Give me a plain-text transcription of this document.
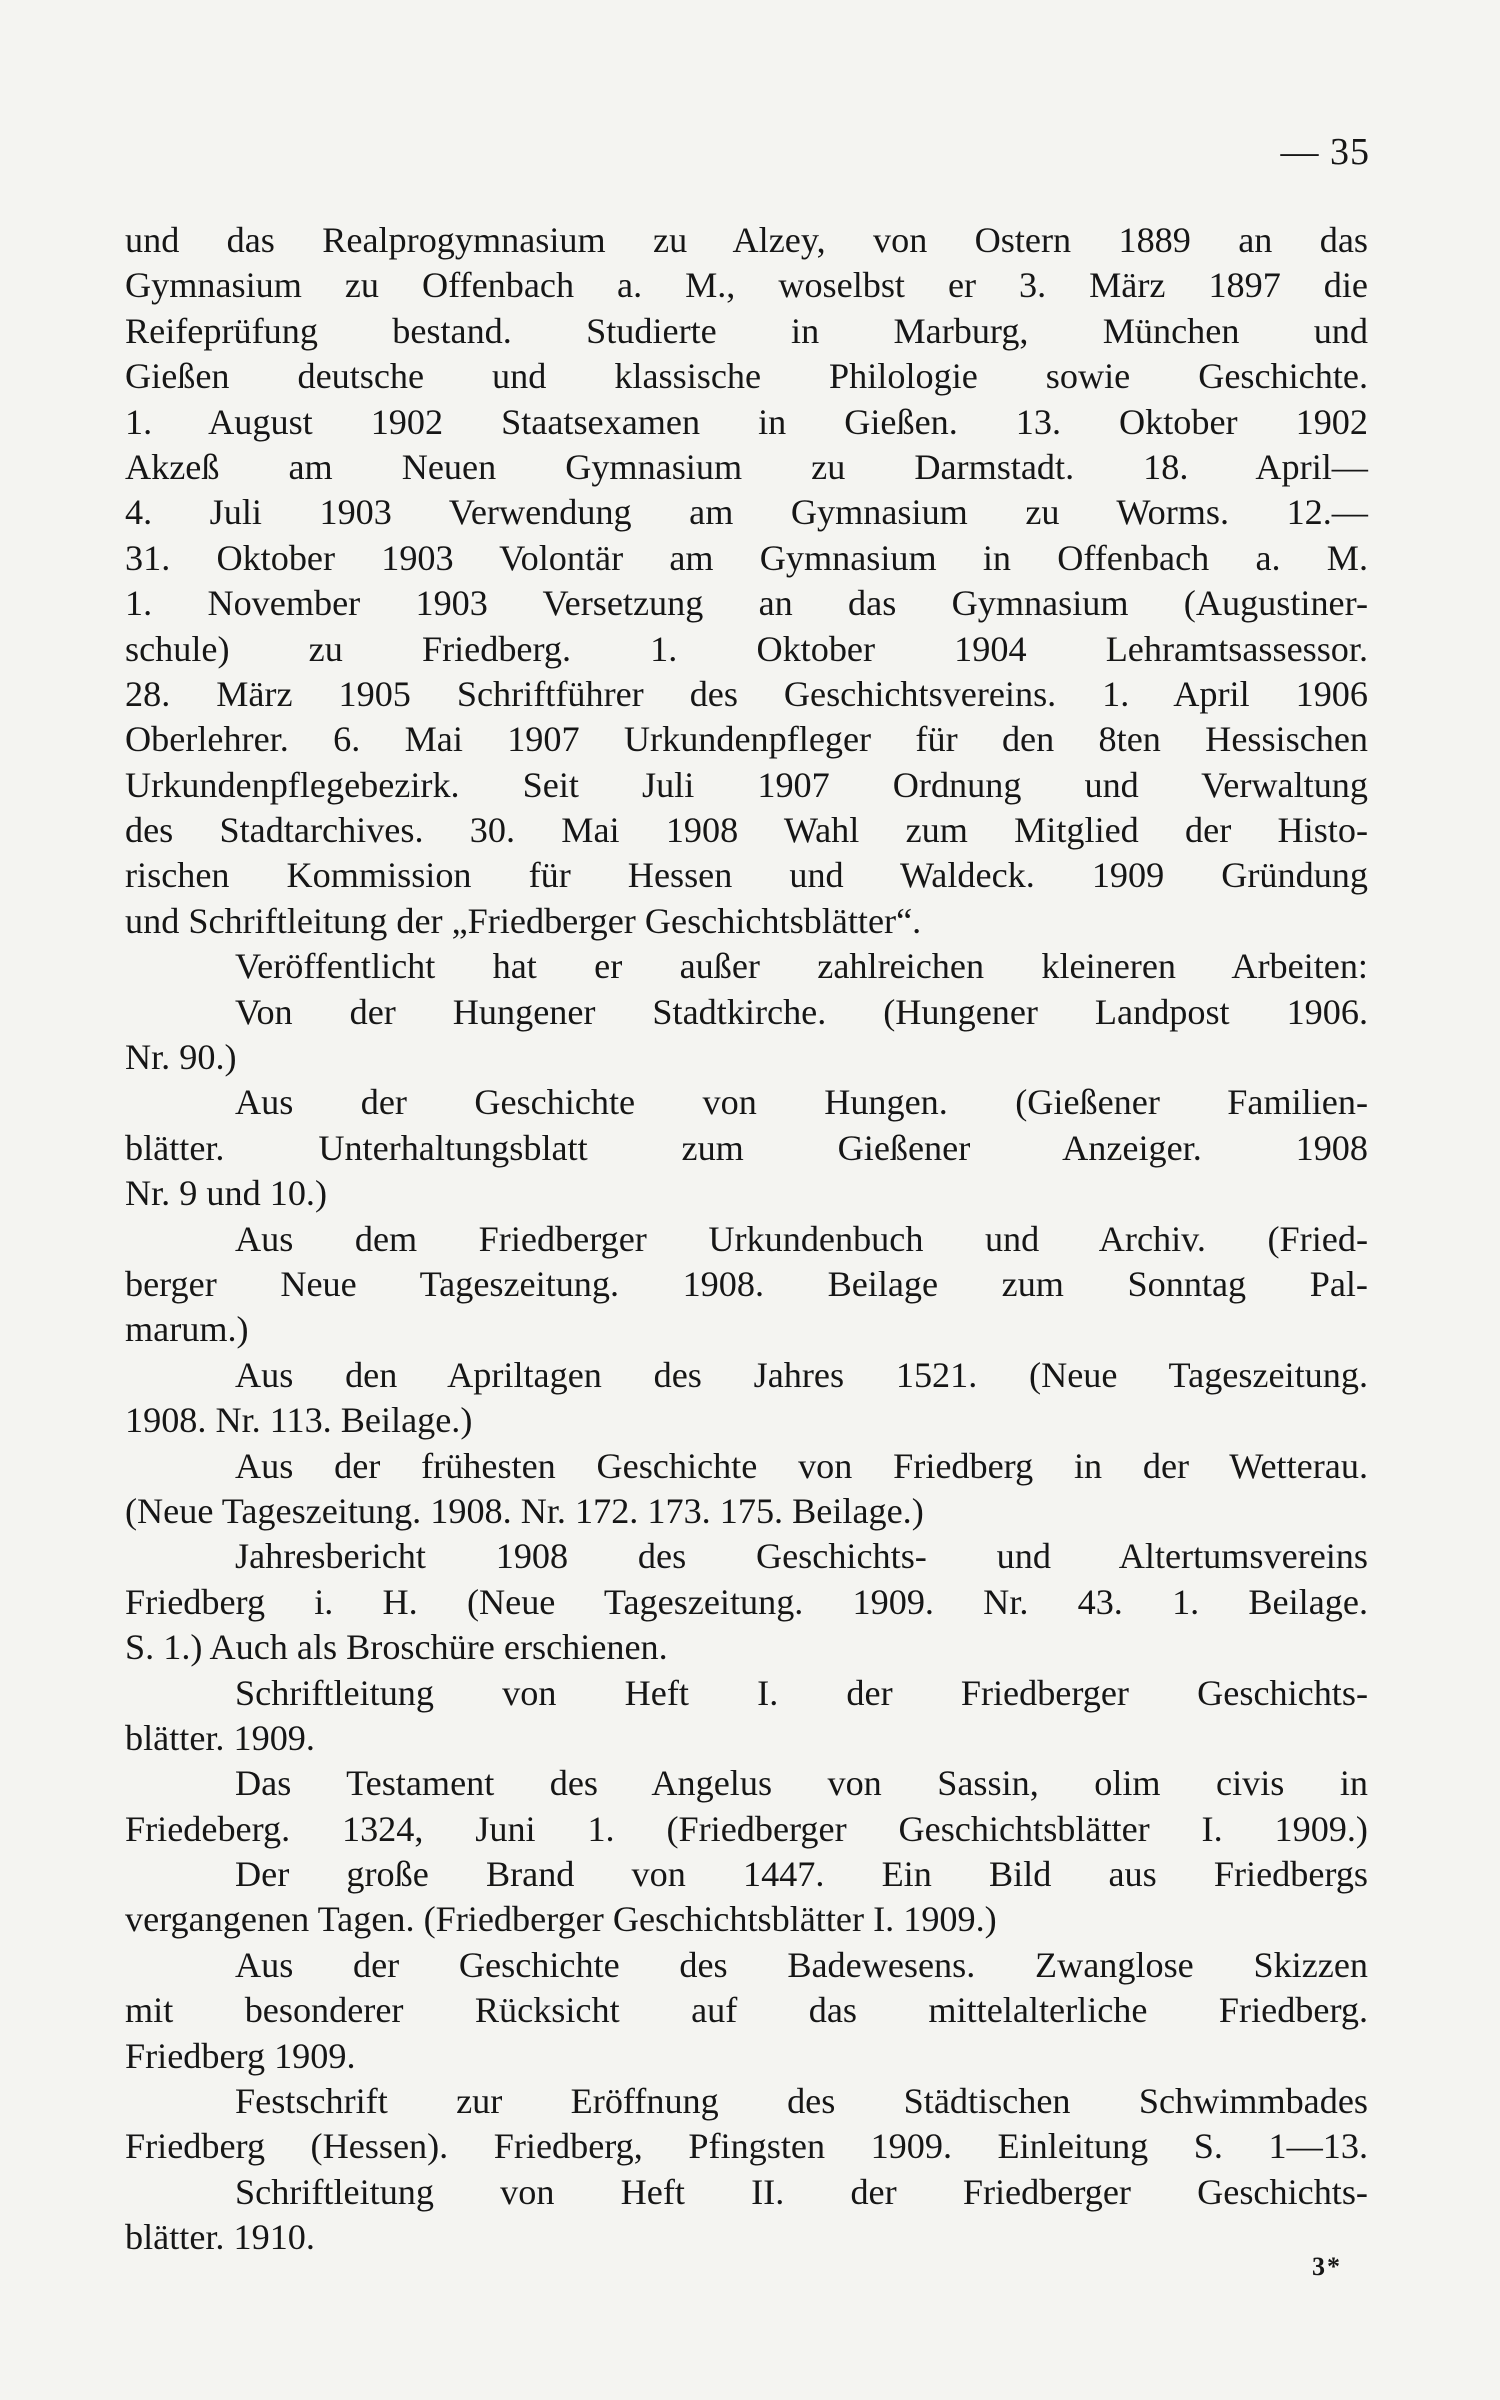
— 35
und das Realprogymnasium zu Alzey, von Ostern 1889 an das
Gymnasium zu Offenbach a. M., woselbst er 3. März 1897 die
Reifeprüfung bestand. Studierte in Marburg, München und
Gießen deutsche und klassische Philologie sowie Geschichte.
1. August 1902 Staatsexamen in Gießen. 13. Oktober 1902
Akzeß am Neuen Gymnasium zu Darmstadt. 18. April—
4. Juli 1903 Verwendung am Gymnasium zu Worms. 12.—
31. Oktober 1903 Volontär am Gymnasium in Offenbach a. M.
1. November 1903 Versetzung an das Gymnasium (Augustiner-
schule) zu Friedberg. 1. Oktober 1904 Lehramtsassessor.
28. März 1905 Schriftführer des Geschichtsvereins. 1. April 1906
Oberlehrer. 6. Mai 1907 Urkundenpfleger für den 8ten Hessischen
Urkundenpflegebezirk. Seit Juli 1907 Ordnung und Verwaltung
des Stadtarchives. 30. Mai 1908 Wahl zum Mitglied der Histo-
rischen Kommission für Hessen und Waldeck. 1909 Gründung
und Schriftleitung der „Friedberger Geschichtsblätter“.
Veröffentlicht hat er außer zahlreichen kleineren Arbeiten:
Von der Hungener Stadtkirche. (Hungener Landpost 1906.
Nr. 90.)
Aus der Geschichte von Hungen. (Gießener Familien-
blätter. Unterhaltungsblatt zum Gießener Anzeiger. 1908
Nr. 9 und 10.)
Aus dem Friedberger Urkundenbuch und Archiv. (Fried-
berger Neue Tageszeitung. 1908. Beilage zum Sonntag Pal-
marum.)
Aus den Apriltagen des Jahres 1521. (Neue Tageszeitung.
1908. Nr. 113. Beilage.)
Aus der frühesten Geschichte von Friedberg in der Wetterau.
(Neue Tageszeitung. 1908. Nr. 172. 173. 175. Beilage.)
Jahresbericht 1908 des Geschichts- und Altertumsvereins
Friedberg i. H. (Neue Tageszeitung. 1909. Nr. 43. 1. Beilage.
S. 1.) Auch als Broschüre erschienen.
Schriftleitung von Heft I. der Friedberger Geschichts-
blätter. 1909.
Das Testament des Angelus von Sassin, olim civis in
Friedeberg. 1324, Juni 1. (Friedberger Geschichtsblätter I. 1909.)
Der große Brand von 1447. Ein Bild aus Friedbergs
vergangenen Tagen. (Friedberger Geschichtsblätter I. 1909.)
Aus der Geschichte des Badewesens. Zwanglose Skizzen
mit besonderer Rücksicht auf das mittelalterliche Friedberg.
Friedberg 1909.
Festschrift zur Eröffnung des Städtischen Schwimmbades
Friedberg (Hessen). Friedberg, Pfingsten 1909. Einleitung S. 1—13.
Schriftleitung von Heft II. der Friedberger Geschichts-
blätter. 1910.
3*
